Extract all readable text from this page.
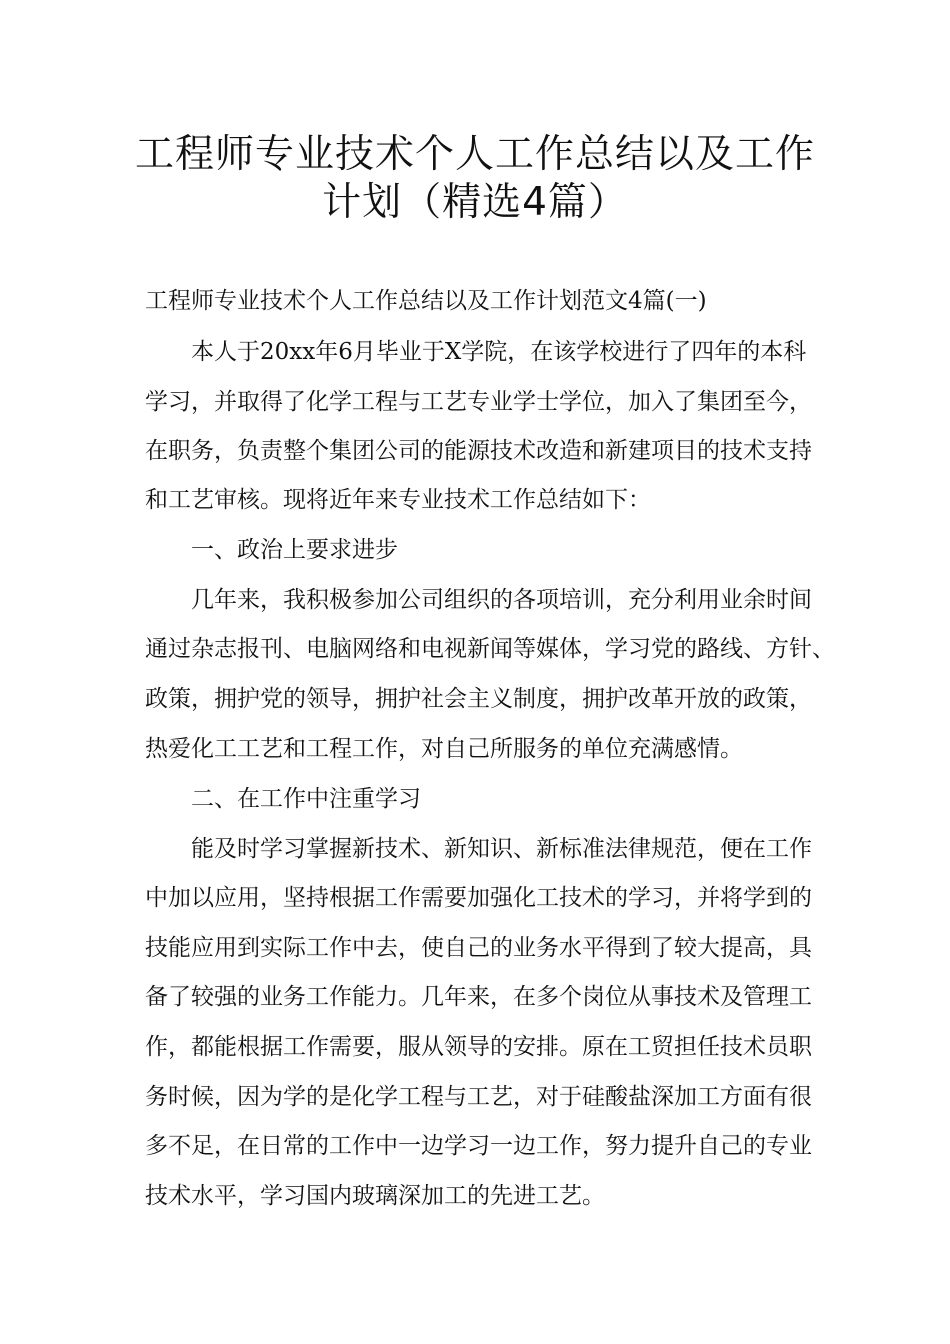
工程师专业技术个人工作总结以及工作
计划（精选4篇）
工程师专业技术个人工作总结以及工作计划范文4篇(一)
　　本人于20xx年6月毕业于X学院，在该学校进行了四年的本科
学习，并取得了化学工程与工艺专业学士学位，加入了集团至今，
在职务，负责整个集团公司的能源技术改造和新建项目的技术支持
和工艺审核。现将近年来专业技术工作总结如下：
　　一、政治上要求进步
　　几年来，我积极参加公司组织的各项培训，充分利用业余时间
通过杂志报刊、电脑网络和电视新闻等媒体，学习党的路线、方针、
政策，拥护党的领导，拥护社会主义制度，拥护改革开放的政策，
热爱化工工艺和工程工作，对自己所服务的单位充满感情。
　　二、在工作中注重学习
　　能及时学习掌握新技术、新知识、新标准法律规范，便在工作
中加以应用，坚持根据工作需要加强化工技术的学习，并将学到的
技能应用到实际工作中去，使自己的业务水平得到了较大提高，具
备了较强的业务工作能力。几年来，在多个岗位从事技术及管理工
作，都能根据工作需要，服从领导的安排。原在工贸担任技术员职
务时候，因为学的是化学工程与工艺，对于硅酸盐深加工方面有很
多不足，在日常的工作中一边学习一边工作，努力提升自己的专业
技术水平，学习国内玻璃深加工的先进工艺。
